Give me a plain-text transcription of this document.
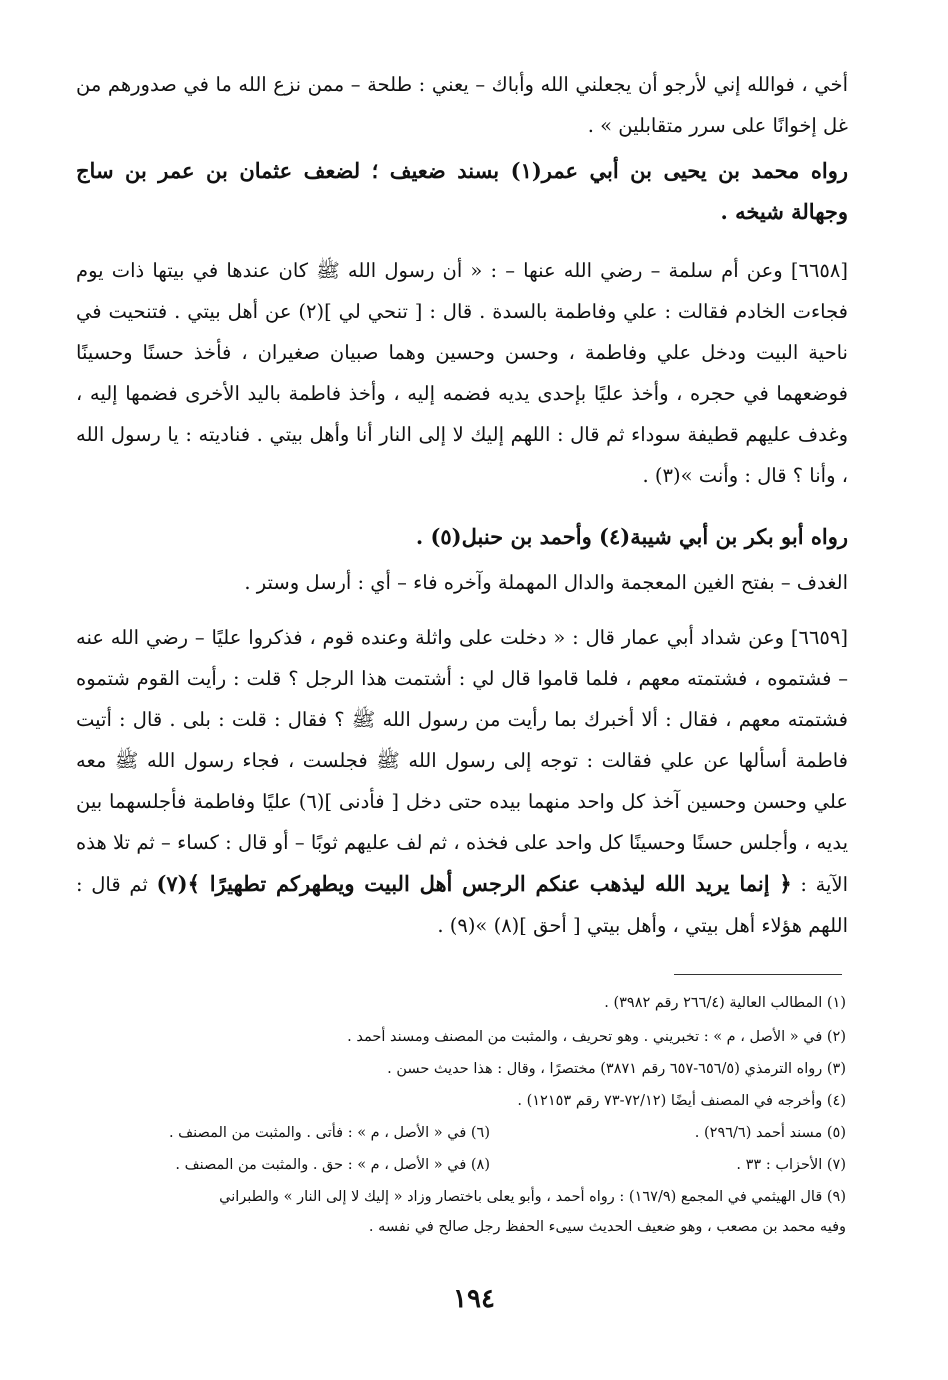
أخي ، فوالله إني لأرجو أن يجعلني الله وأباك – يعني : طلحة – ممن نزع الله ما في صدورهم من غل إخوانًا على سرر متقابلين » .

رواه محمد بن يحيى بن أبي عمر(١) بسند ضعيف ؛ لضعف عثمان بن عمر بن ساج وجهالة شيخه .

[٦٦٥٨] وعن أم سلمة – رضي الله عنها – : « أن رسول الله ﷺ كان عندها في بيتها ذات يوم فجاءت الخادم فقالت : علي وفاطمة بالسدة . قال : [ تنحي لي ](٢) عن أهل بيتي . فتنحيت في ناحية البيت ودخل علي وفاطمة ، وحسن وحسين وهما صبيان صغيران ، فأخذ حسنًا وحسينًا فوضعهما في حجره ، وأخذ عليًا بإحدى يديه فضمه إليه ، وأخذ فاطمة باليد الأخرى فضمها إليه ، وغدف عليهم قطيفة سوداء ثم قال : اللهم إليك لا إلى النار أنا وأهل بيتي . فناديته : يا رسول الله ، وأنا ؟ قال : وأنت »(٣) .

رواه أبو بكر بن أبي شيبة(٤) وأحمد بن حنبل(٥) .

الغدف – بفتح الغين المعجمة والدال المهملة وآخره فاء – أي : أرسل وستر .

[٦٦٥٩] وعن شداد أبي عمار قال : « دخلت على واثلة وعنده قوم ، فذكروا عليًا – رضي الله عنه – فشتموه ، فشتمته معهم ، فلما قاموا قال لي : أشتمت هذا الرجل ؟ قلت : رأيت القوم شتموه فشتمته معهم ، فقال : ألا أخبرك بما رأيت من رسول الله ﷺ ؟ فقال : قلت : بلى . قال : أتيت فاطمة أسألها عن علي فقالت : توجه إلى رسول الله ﷺ فجلست ، فجاء رسول الله ﷺ معه علي وحسن وحسين آخذ كل واحد منهما بيده حتى دخل [ فأدنى ](٦) عليًا وفاطمة فأجلسهما بين يديه ، وأجلس حسنًا وحسينًا كل واحد على فخذه ، ثم لف عليهم ثوبًا – أو قال : كساء – ثم تلا هذه الآية : ﴿ إنما يريد الله ليذهب عنكم الرجس أهل البيت ويطهركم تطهيرًا ﴾(٧) ثم قال : اللهم هؤلاء أهل بيتي ، وأهل بيتي [ أحق ](٨) »(٩) .

(١) المطالب العالية (٢٦٦/٤ رقم ٣٩٨٢) .

(٢) في « الأصل ، م » : تخبريني . وهو تحريف ، والمثبت من المصنف ومسند أحمد .

(٣) رواه الترمذي (٦٥٦/٥-٦٥٧ رقم ٣٨٧١) مختصرًا ، وقال : هذا حديث حسن .

(٤) وأخرجه في المصنف أيضًا (٧٢/١٢-٧٣ رقم ١٢١٥٣) .

(٥) مسند أحمد (٢٩٦/٦) .
(٦) في « الأصل ، م » : فأتى . والمثبت من المصنف .
(٧) الأحزاب : ٣٣ .
(٨) في « الأصل ، م » : حق . والمثبت من المصنف .

(٩) قال الهيثمي في المجمع (١٦٧/٩) : رواه أحمد ، وأبو يعلى باختصار وزاد « إليك لا إلى النار » والطبراني

وفيه محمد بن مصعب ، وهو ضعيف الحديث سيىء الحفظ رجل صالح في نفسه .

١٩٤
